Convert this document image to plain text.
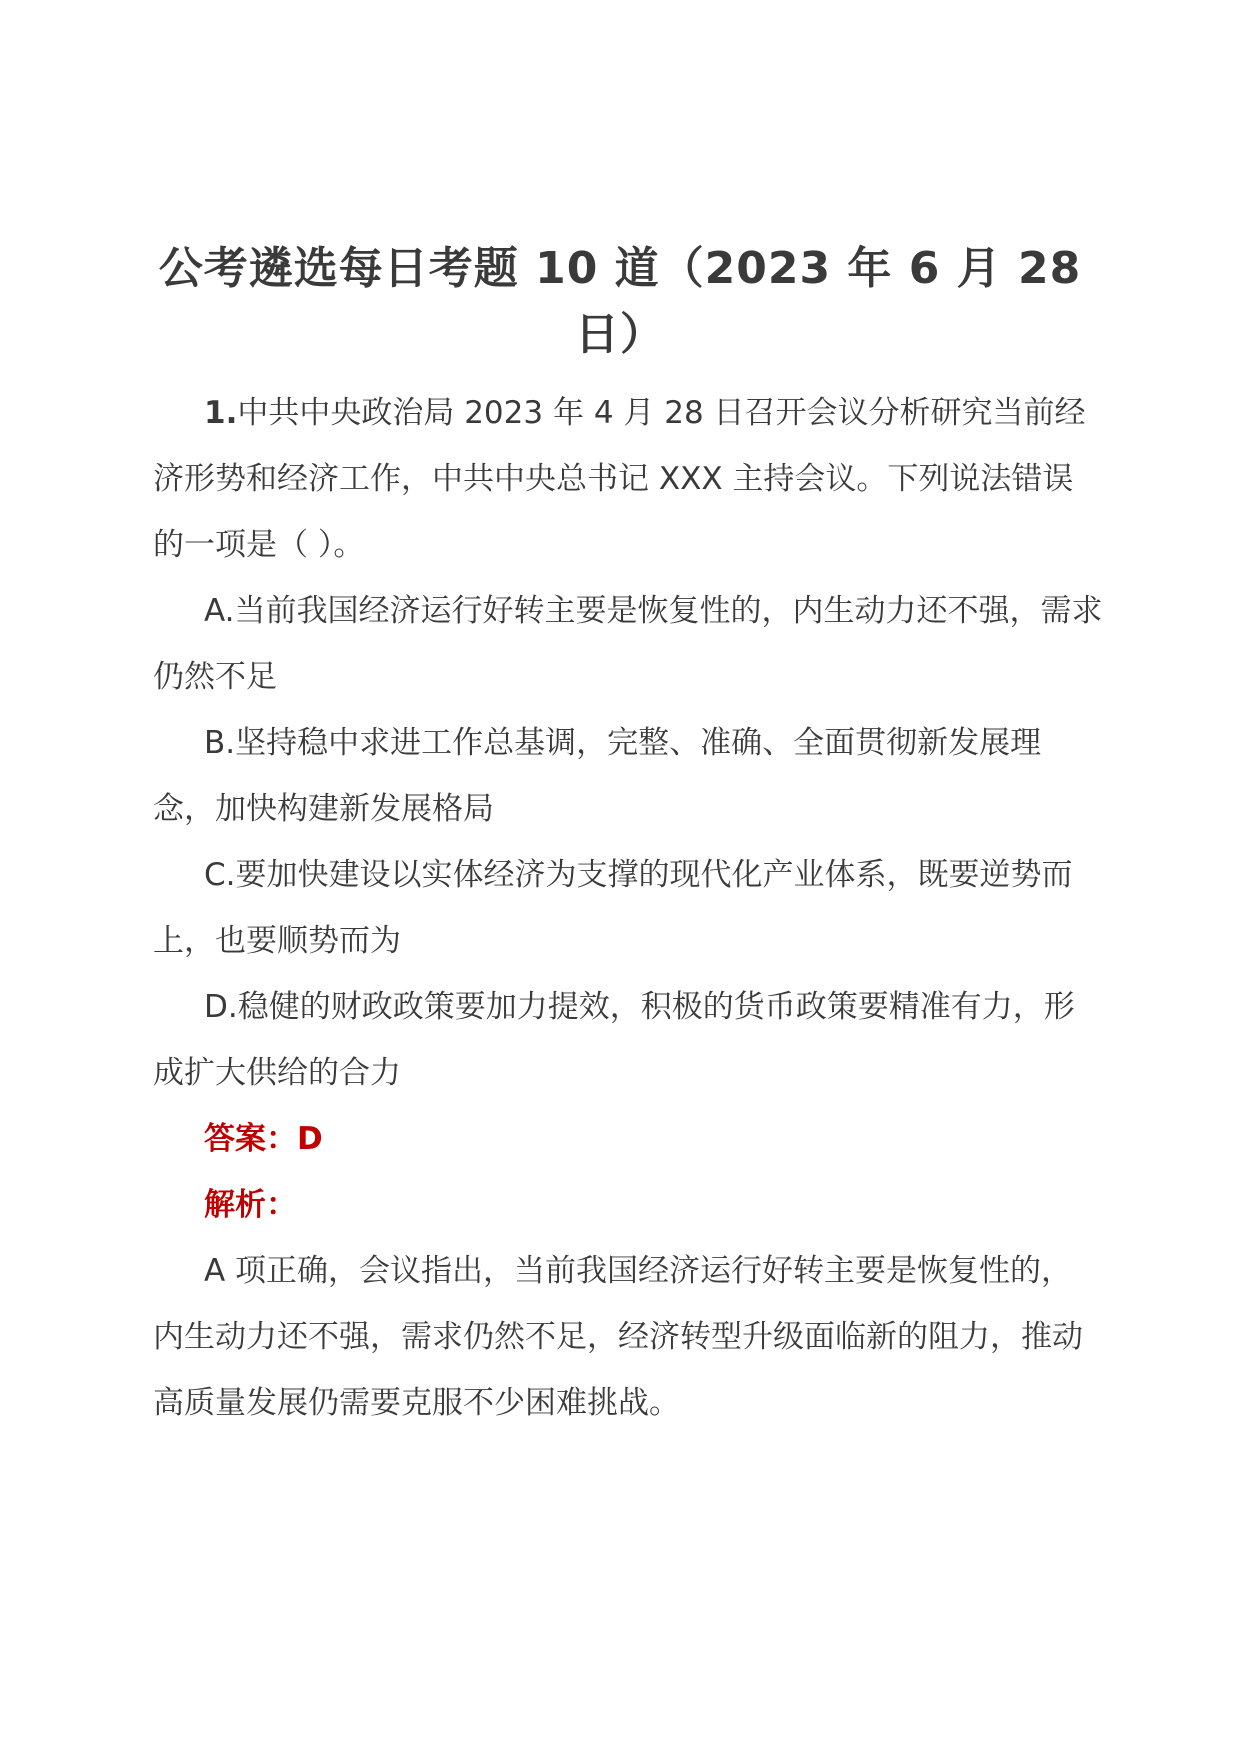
公考遴选每日考题 10 道（2023 年 6 月 28 日）
1.中共中央政治局 2023 年 4 月 28 日召开会议分析研究当前经济形势和经济工作，中共中央总书记 XXX 主持会议。下列说法错误的一项是（ ）。
A.当前我国经济运行好转主要是恢复性的，内生动力还不强，需求仍然不足
B.坚持稳中求进工作总基调，完整、准确、全面贯彻新发展理念，加快构建新发展格局
C.要加快建设以实体经济为支撑的现代化产业体系，既要逆势而上，也要顺势而为
D.稳健的财政政策要加力提效，积极的货币政策要精准有力，形成扩大供给的合力
答案：D
解析：
A 项正确，会议指出，当前我国经济运行好转主要是恢复性的，内生动力还不强，需求仍然不足，经济转型升级面临新的阻力，推动高质量发展仍需要克服不少困难挑战。
